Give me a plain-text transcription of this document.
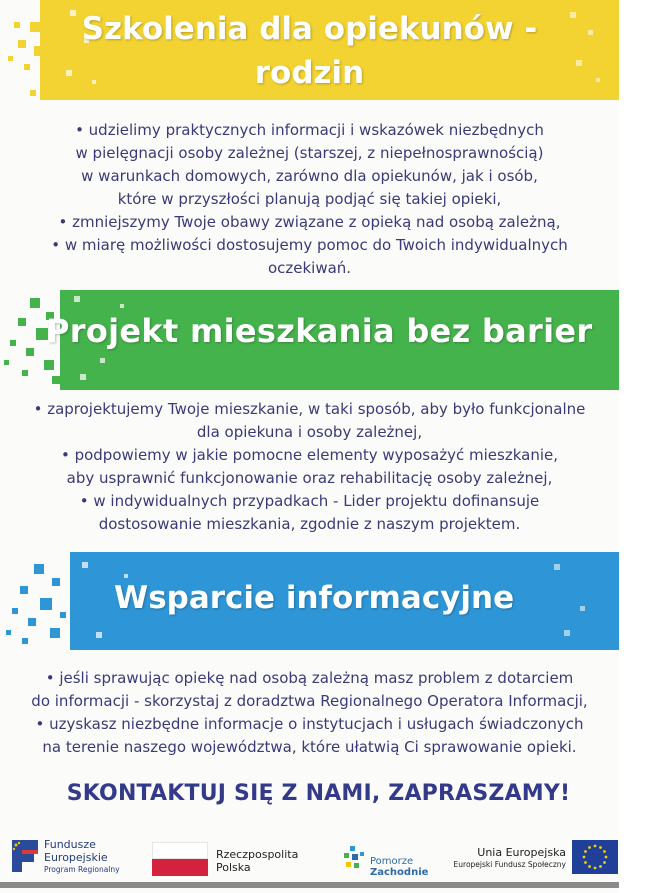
Szkolenia dla opiekunów -
rodzin

• udzielimy praktycznych informacji i wskazówek niezbędnych

w pielęgnacji osoby zależnej (starszej, z niepełnosprawnością)

w warunkach domowych, zarówno dla opiekunów, jak i osób,

które w przyszłości planują podjąć się takiej opieki,

• zmniejszymy Twoje obawy związane z opieką nad osobą zależną,

• w miarę możliwości dostosujemy pomoc do Twoich indywidualnych

oczekiwań.

Projekt mieszkania bez barier

• zaprojektujemy Twoje mieszkanie, w taki sposób, aby było funkcjonalne

dla opiekuna i osoby zależnej,

• podpowiemy w jakie pomocne elementy wyposażyć mieszkanie,

aby usprawnić funkcjonowanie oraz rehabilitację osoby zależnej,

• w indywidualnych przypadkach - Lider projektu dofinansuje

dostosowanie mieszkania, zgodnie z naszym projektem.

Wsparcie informacyjne

• jeśli sprawując opiekę nad osobą zależną masz problem z dotarciem

do informacji - skorzystaj z doradztwa Regionalnego Operatora Informacji,

• uzyskasz niezbędne informacje o instytucjach i usługach świadczonych

na terenie naszego województwa, które ułatwią Ci sprawowanie opieki.

SKONTAKTUJ SIĘ Z NAMI, ZAPRASZAMY!
Fundusze
Europejskie
Program Regionalny
Rzeczpospolita
Polska	Pomorze
Zachodnie
Unia Europejska
Europejski Fundusz Społeczny
